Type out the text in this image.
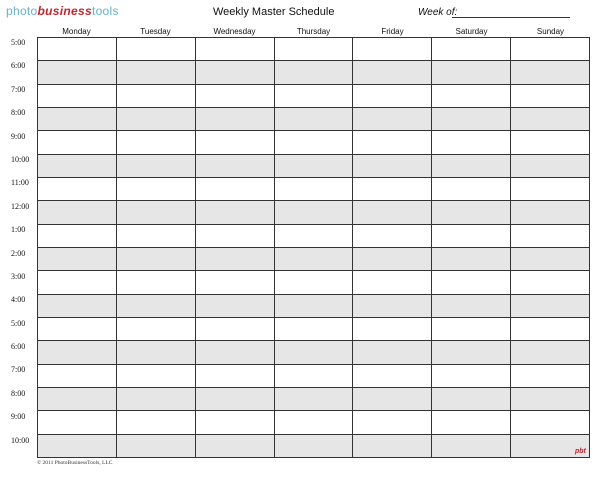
photobusinesstools	Weekly Master Schedule	Week of:
Monday	Tuesday	Wednesday	Thursday	Friday	Saturday	Sunday
5:00
6:00
7:00
8:00
9:00
10:00
11:00
12:00
1:00
2:00
3:00
4:00
5:00
6:00
7:00
8:00
9:00
10:00
pbt
© 2011 PhotoBusinessTools, LLC
